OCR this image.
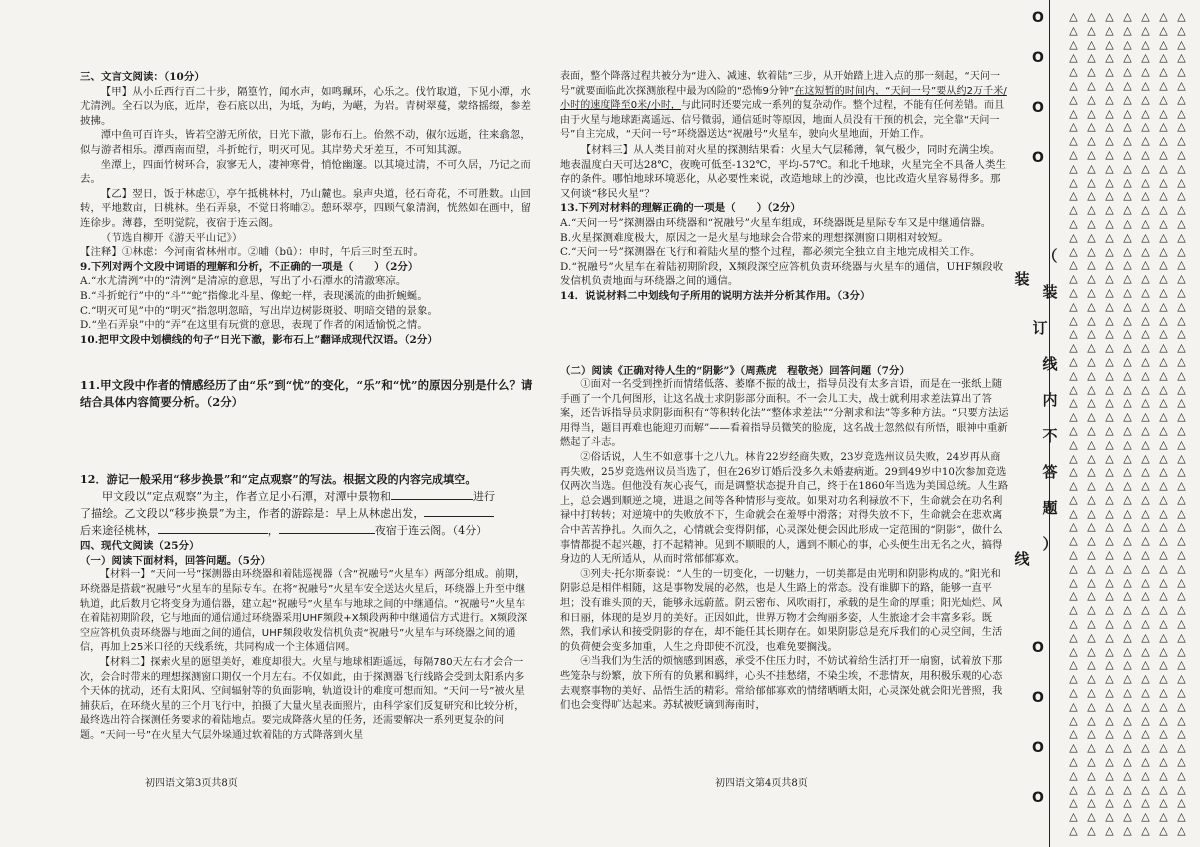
三、文言文阅读：（10分）
【甲】从小丘西行百二十步，隔篁竹，闻水声，如鸣珮环，心乐之。伐竹取道，下见小潭，水尤清洌。全石以为底，近岸，卷石底以出，为坻，为屿，为嵁，为岩。青树翠蔓，蒙络摇缀，参差披拂。
潭中鱼可百许头，皆若空游无所依，日光下澈，影布石上。佁然不动，俶尔远逝，往来翕忽，似与游者相乐。潭西南而望，斗折蛇行，明灭可见。其岸势犬牙差互，不可知其源。
坐潭上，四面竹树环合，寂寥无人，凄神寒骨，悄怆幽邃。以其境过清，不可久居，乃记之而去。
【乙】翌日，饭于林虑①，亭午抵桃林村，乃山麓也。泉声央道，径石奇花，不可胜数。山回转，平地数亩，日桃林。坐石弄泉，不觉日将晡②。憩环翠亭，四顾气象清润，恍然如在画中，留连徐步。薄暮，至明觉院，夜宿于连云阁。
（节选自柳开《游天平山记》）
【注释】①林虑：今河南省林州市。②晡（bū）：申时，午后三时至五时。
9.下列对两个文段中词语的理解和分析，不正确的一项是（　　）（2分）
A.“水尤清洌”中的“清洌”是清凉的意思，写出了小石潭水的清澈寒凉。
B.“斗折蛇行”中的“斗”“蛇”指像北斗星、像蛇一样，表现溪流的曲折蜿蜒。
C.“明灭可见”中的“明灭”指忽明忽暗，写出岸边树影斑驳、明暗交错的景象。
D.“坐石弄泉”中的“弄”在这里有玩赏的意思，表现了作者的闲适愉悦之情。
10.把甲文段中划横线的句子“日光下澈，影布石上”翻译成现代汉语。（2分）
11.甲文段中作者的情感经历了由“乐”到“忧”的变化，“乐”和“忧”的原因分别是什么？请结合具体内容简要分析。（2分）
12．游记一般采用“移步换景”和“定点观察”的写法。根据文段的内容完成填空。
甲文段以“定点观察”为主，作者立足小石潭，对潭中景物和	进行
了描绘。乙文段以“移步换景”为主，作者的游踪是：早上从林虑出发，
后来途径桃林，	，	夜宿于连云阁。（4分）
四、现代文阅读（25分）
（一）阅读下面材料，回答问题。（5分）
【材料一】“天问一号”探测器由环绕器和着陆巡视器（含“祝融号”火星车）两部分组成。前期，环绕器是搭载“祝融号”火星车的星际专车。在将“祝融号”火星车安全送达火星后，环绕器上升至中继轨道，此后数月它将变身为通信器，建立起“祝融号”火星车与地球之间的中继通信。“祝融号”火星车在着陆初期阶段，它与地面的通信通过环绕器采用UHF频段+X频段两种中继通信方式进行。X频段深空应答机负责环绕器与地面之间的通信，UHF频段收发信机负责“祝融号”火星车与环绕器之间的通信，再加上25米口径的天线系统，共同构成一个主体通信网。
【材料二】探索火星的愿望美好，难度却很大。火星与地球相距遥远，每隔780天左右才会合一次，会合时带来的理想探测窗口期仅一个月左右。不仅如此，由于探测器飞行线路会受到太阳系内多个天体的扰动，还有太阳风、空间辐射等的负面影响，轨道设计的难度可想而知。“天问一号”被火星捕获后，在环绕火星的三个月飞行中，拍摄了大量火星表面照片，由科学家们反复研究和比较分析，最终选出符合探测任务要求的着陆地点。要完成降落火星的任务，还需要解决一系列更复杂的问题。“天问一号”在火星大气层外垛通过软着陆的方式降落到火星
初四语文第3页共8页
表面，整个降落过程共被分为“进入、减速、软着陆”三步，从开始踏上进入点的那一刻起，“天问一号”就要面临此次探测旅程中最为凶险的“恐怖9分钟”在这短暂的时间内，“天问一号”要从约2万千米/小时的速度降至0米/小时，与此同时还要完成一系列的复杂动作。整个过程，不能有任何差错。而且由于火星与地球距离遥远、信号微弱，通信延时等原因，地面人员没有干预的机会，完全靠“天问一号”自主完成，“天问一号”环绕器送达“祝融号”火星车，驶向火星地面，开始工作。
【材料三】从人类目前对火星的探测结果看：火星大气层稀薄，氧气极少，同时充满尘埃。地表温度白天可达28℃，夜晚可低至-132℃，平均-57℃。和北千地球，火星完全不具备人类生存的条件。哪怕地球环境恶化，从必要性来说，改造地球上的沙漠，也比改造火星容易得多。那又何谈“移民火星”？
13.下列对材料的理解正确的一项是（　　）（2分）
A.“天问一号”探测器由环绕器和“祝融号”火星车组成，环绕器既是星际专车又是中继通信器。
B.火星探测难度极大，原因之一是火星与地球会合带来的理想探测窗口期相对较短。
C.“天问一号”探测器在飞行和着陆火星的整个过程，都必须完全独立自主地完成相关工作。
D.“祝融号”火星车在着陆初期阶段，X频段深空应答机负责环绕器与火星车的通信，UHF频段收发信机负责地面与环绕器之间的通信。
14．说说材料二中划线句子所用的说明方法并分析其作用。（3分）
（二）阅读《正确对待人生的“阴影”》（周燕虎　程敬尧）回答问题（7分）
①面对一名受到挫折而情绪低落、萎靡不振的战士，指导员没有太多言语，而是在一张纸上随手画了一个几何图形，让这名战士求阴影部分面积。不一会儿工夫，战士就利用求差法算出了答案，还告诉指导员求阴影面积有“等积转化法”“整体求差法”“分割求和法”等多种方法。“只要方法运用得当，题目再难也能迎刃而解”——看着指导员微笑的脸庞，这名战士忽然似有所悟，眼神中重新燃起了斗志。
②俗话说，人生不如意事十之八九。林肯22岁经商失败，23岁竞选州议员失败，24岁再从商再失败，25岁竞选州议员当选了，但在26岁订婚后没多久未婚妻病逝。29到49岁中10次参加竞选仅两次当选。但他没有灰心丧气，而是调整状态提升自己，终于在1860年当选为美国总统。人生路上，总会遇到顺逆之境，进退之间等各种情形与变故。如果对功名利禄放不下，生命就会在功名利禄中打转转；对逆境中的失败放不下，生命就会在羞辱中滑落；对得失放不下，生命就会在悲欢离合中苦苦挣扎。久而久之，心情就会变得阴郁，心灵深处便会因此形成一定范围的“阴影”，做什么事情都提不起兴趣，打不起精神。见到不顺眼的人，遇到不顺心的事，心头便生出无名之火，搞得身边的人无所适从，从而时常郁郁寡欢。
③列夫·托尔斯泰说：“人生的一切变化，一切魅力，一切美都是由光明和阴影构成的。”阳光和阴影总是相伴相随，这是事物发展的必然，也是人生路上的常态。没有谁脚下的路，能够一直平坦；没有谁头顶的天，能够永远蔚蓝。阴云密布、风吹雨打，承载的是生命的厚重；阳光灿烂、风和日丽，体现的是岁月的美好。正因如此，世界万物才会绚丽多姿，人生旅途才会丰富多彩。既然，我们承认和接受阴影的存在，却不能任其长期存在。如果阴影总是充斥我们的心灵空间，生活的负荷便会变多加重，人生之舟即使不沉没，也难免要搁浅。
④当我们为生活的烦恼感到困惑，承受不住压力时，不妨试着给生活打开一扇窗，试着放下那些笼杂与纷繁，放下所有的负累和羁绊，心头不挂愁绪，不染尘埃，不悲情灰，用积极乐观的心态去观察事物的美好、品悟生活的精彩。常给郁郁寡欢的情绪晒晒太阳，心灵深处就会阳光普照，我们也会变得旷达起来。苏轼被贬谪到海南时，
初四语文第4页共8页
O
O
O
O
O
O
O
O
装
线
（
装
订
线
内
不
答
题
）
△ △ △ △ △ △ △
△ △ △ △ △ △ △
△ △ △ △ △ △ △
△ △ △ △ △ △ △
△ △ △ △ △ △ △
△ △ △ △ △ △ △
△ △ △ △ △ △ △
△ △ △ △ △ △ △
△ △ △ △ △ △ △
△ △ △ △ △ △ △
△ △ △ △ △ △ △
△ △ △ △ △ △ △
△ △ △ △ △ △ △
△ △ △ △ △ △ △
△ △ △ △ △ △ △
△ △ △ △ △ △ △
△ △ △ △ △ △ △
△ △ △ △ △ △ △
△ △ △ △ △ △ △
△ △ △ △ △ △ △
△ △ △ △ △ △ △
△ △ △ △ △ △ △
△ △ △ △ △ △ △
△ △ △ △ △ △ △
△ △ △ △ △ △ △
△ △ △ △ △ △ △
△ △ △ △ △ △ △
△ △ △ △ △ △ △
△ △ △ △ △ △ △
△ △ △ △ △ △ △
△ △ △ △ △ △ △
△ △ △ △ △ △ △
△ △ △ △ △ △ △
△ △ △ △ △ △ △
△ △ △ △ △ △ △
△ △ △ △ △ △ △
△ △ △ △ △ △ △
△ △ △ △ △ △ △
△ △ △ △ △ △ △
△ △ △ △ △ △ △
△ △ △ △ △ △ △
△ △ △ △ △ △ △
△ △ △ △ △ △ △
△ △ △ △ △ △ △
△ △ △ △ △ △ △
△ △ △ △ △ △ △
△ △ △ △ △ △ △
△ △ △ △ △ △ △
△ △ △ △ △ △ △
△ △ △ △ △ △ △
△ △ △ △ △ △ △
△ △ △ △ △ △ △
△ △ △ △ △ △ △
△ △ △ △ △ △ △
△ △ △ △ △ △ △
△ △ △ △ △ △ △
△ △ △ △ △ △ △
△ △ △ △ △ △ △
△ △ △ △ △ △ △
△ △ △ △ △ △ △
